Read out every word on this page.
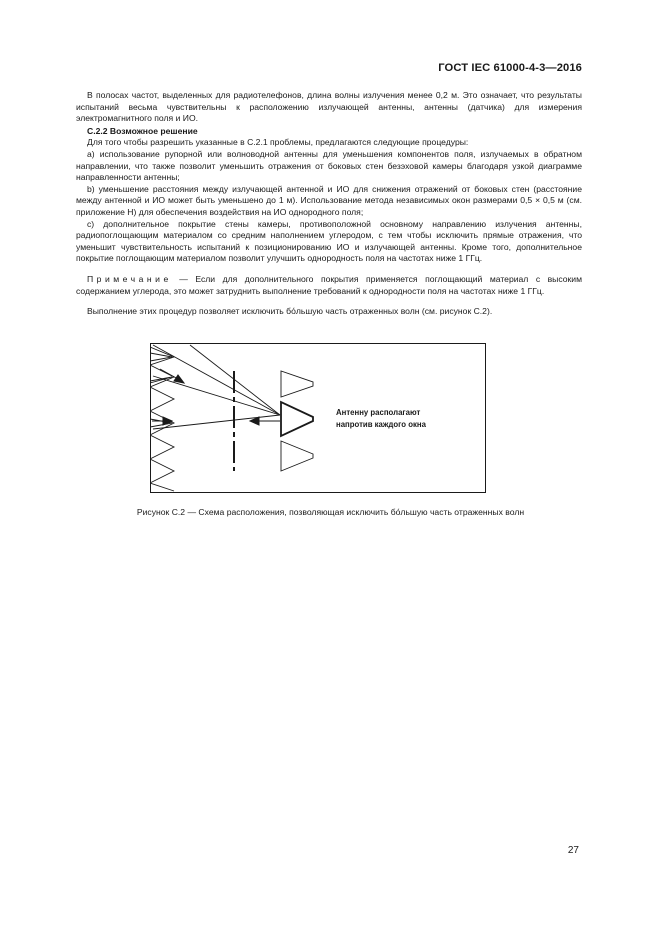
ГОСТ IEC 61000-4-3—2016

В полосах частот, выделенных для радиотелефонов, длина волны излучения менее 0,2 м. Это означает, что результаты испытаний весьма чувствительны к расположению излучающей антенны, антенны (датчика) для измерения электромагнитного поля и ИО.

С.2.2 Возможное решение

Для того чтобы разрешить указанные в С.2.1 проблемы, предлагаются следующие процедуры:

а) использование рупорной или волноводной антенны для уменьшения компонентов поля, излучаемых в обратном направлении, что также позволит уменьшить отражения от боковых стен безэховой камеры благодаря узкой диаграмме направленности антенны;

b) уменьшение расстояния между излучающей антенной и ИО для снижения отражений от боковых стен (расстояние между антенной и ИО может быть уменьшено до 1 м). Использование метода независимых окон размерами 0,5 × 0,5 м (см. приложение Н) для обеспечения воздействия на ИО однородного поля;

с) дополнительное покрытие стены камеры, противоположной основному направлению излучения антенны, радиопоглощающим материалом со средним наполнением углеродом, с тем чтобы исключить прямые отражения, что уменьшит чувствительность испытаний к позиционированию ИО и излучающей антенны. Кроме того, дополнительное покрытие поглощающим материалом позволит улучшить однородность поля на частотах ниже 1 ГГц.

Примечание — Если для дополнительного покрытия применяется поглощающий материал с высоким содержанием углерода, это может затруднить выполнение требований к однородности поля на частотах ниже 1 ГГц.

Выполнение этих процедур позволяет исключить бо́льшую часть отраженных волн (см. рисунок С.2).

Антенну располагают
напротив каждого окна
Рисунок С.2 — Схема расположения, позволяющая исключить бо́льшую часть отраженных волн
27
